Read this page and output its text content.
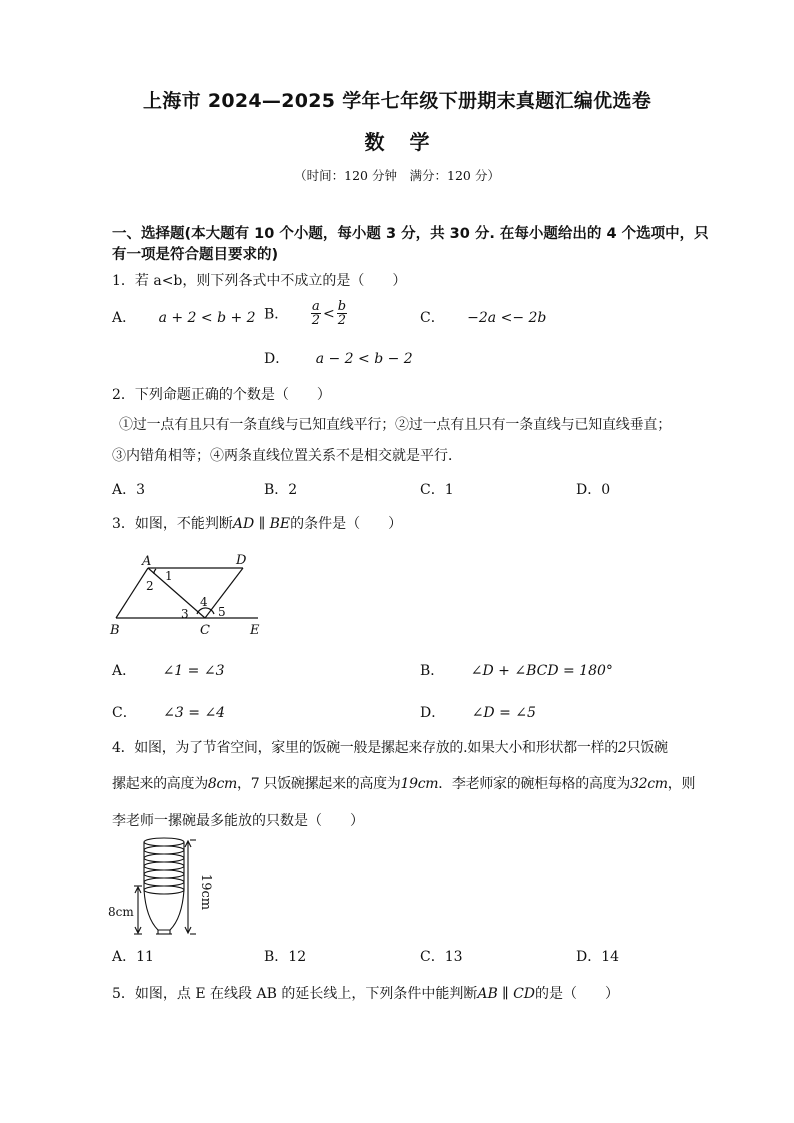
上海市 2024—2025 学年七年级下册期末真题汇编优选卷
数 学
（时间：120 分钟　满分：120 分）
一、选择题(本大题有 10 个小题，每小题 3 分，共 30 分. 在每小题给出的 4 个选项中，只有一项是符合题目要求的)
1．若 a<b，则下列各式中不成立的是（　　）
A． a + 2 < b + 2 B． $\frac{a}{2} < \frac{b}{2}$	C． −2a <− 2b
D． a − 2 < b − 2
2．下列命题正确的个数是（　　）
①过一点有且只有一条直线与已知直线平行；②过一点有且只有一条直线与已知直线垂直；
③内错角相等；④两条直线位置关系不是相交就是平行．
A．3	B．2	C．1	D．0
3．如图，不能判断AD ∥ BE的条件是（　　）
A	D
B	C	E
1
2
3
4
5
A． ∠1 = ∠3	B． ∠D + ∠BCD = 180°
C． ∠3 = ∠4	D． ∠D = ∠5
4．如图，为了节省空间，家里的饭碗一般是摞起来存放的.如果大小和形状都一样的2只饭碗
摞起来的高度为8cm，7 只饭碗摞起来的高度为19cm．李老师家的碗柜每格的高度为32cm，则
李老师一摞碗最多能放的只数是（　　）
19cm
8cm
A．11	B．12	C．13	D．14
5．如图，点 E 在线段 AB 的延长线上，下列条件中能判断AB ∥ CD的是（　　）
